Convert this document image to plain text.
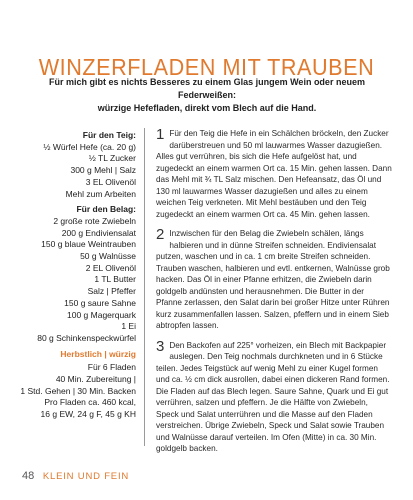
WINZERFLADEN MIT TRAUBEN
Für mich gibt es nichts Besseres zu einem Glas jungem Wein oder neuem Federweißen:
würzige Hefefladen, direkt vom Blech auf die Hand.
Für den Teig:
½ Würfel Hefe (ca. 20 g)
½ TL Zucker
300 g Mehl | Salz
3 EL Olivenöl
Mehl zum Arbeiten
Für den Belag:
2 große rote Zwiebeln
200 g Endiviensalat
150 g blaue Weintrauben
50 g Walnüsse
2 EL Olivenöl
1 TL Butter
Salz | Pfeffer
150 g saure Sahne
100 g Magerquark
1 Ei
80 g Schinkenspeckwürfel
Herbstlich | würzig
Für 6 Fladen
40 Min. Zubereitung |
1 Std. Gehen | 30 Min. Backen
Pro Fladen ca. 460 kcal,
16 g EW, 24 g F, 45 g KH
1 Für den Teig die Hefe in ein Schälchen bröckeln, den Zucker darüberstreuen und 50 ml lauwarmes Wasser dazugießen. Alles gut verrühren, bis sich die Hefe aufgelöst hat, und zugedeckt an einem warmen Ort ca. 15 Min. gehen lassen. Dann das Mehl mit ¾ TL Salz mischen. Den Hefeansatz, das Öl und 130 ml lauwarmes Wasser dazugießen und alles zu einem weichen Teig verkneten. Mit Mehl bestäuben und den Teig zugedeckt an einem warmen Ort ca. 45 Min. gehen lassen.
2 Inzwischen für den Belag die Zwiebeln schälen, längs halbieren und in dünne Streifen schneiden. Endiviensalat putzen, waschen und in ca. 1 cm breite Streifen schneiden. Trauben waschen, halbieren und evtl. entkernen, Walnüsse grob hacken. Das Öl in einer Pfanne erhitzen, die Zwiebeln darin goldgelb andünsten und herausnehmen. Die Butter in der Pfanne zerlassen, den Salat darin bei großer Hitze unter Rühren kurz zusammenfallen lassen. Salzen, pfeffern und in einem Sieb abtropfen lassen.
3 Den Backofen auf 225° vorheizen, ein Blech mit Backpapier auslegen. Den Teig nochmals durchkneten und in 6 Stücke teilen. Jedes Teigstück auf wenig Mehl zu einer Kugel formen und ca. ½ cm dick ausrollen, dabei einen dickeren Rand formen. Die Fladen auf das Blech legen. Saure Sahne, Quark und Ei gut verrühren, salzen und pfeffern. Je die Hälfte von Zwiebeln, Speck und Salat unterrühren und die Masse auf den Fladen verstreichen. Übrige Zwiebeln, Speck und Salat sowie Trauben und Walnüsse darauf verteilen. Im Ofen (Mitte) in ca. 30 Min. goldgelb backen.
48 KLEIN UND FEIN
